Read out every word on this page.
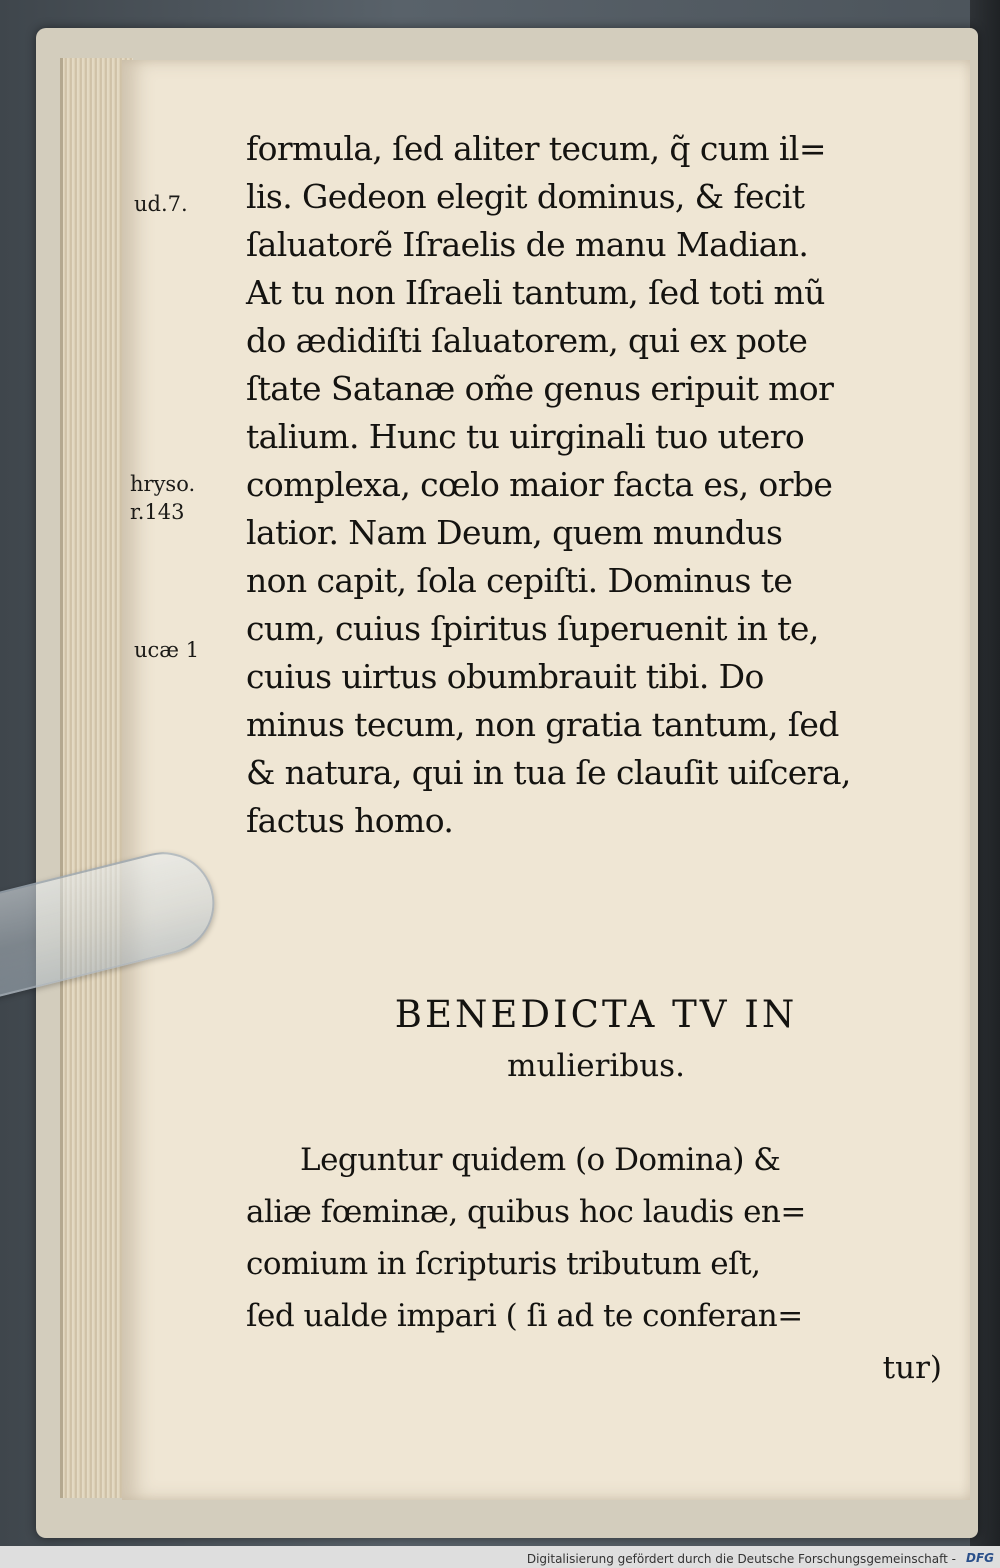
ud.7.
hryso.
r.143
ucæ 1
formula, ſed aliter tecum, q̃ cum il=
lis. Gedeon elegit dominus, & fecit
ſaluatorẽ Iſraelis de manu Madian.
At tu non Iſraeli tantum, ſed toti mũ
do ædidiſti ſaluatorem, qui ex pote
ſtate Satanæ om̃e genus eripuit mor
talium. Hunc tu uirginali tuo utero
complexa, cœlo maior facta es, orbe
latior. Nam Deum, quem mundus
non capit, ſola cepiſti. Dominus te
cum, cuius ſpiritus ſuperuenit in te,
cuius uirtus obumbrauit tibi. Do
minus tecum, non gratia tantum, ſed
& natura, qui in tua ſe clauſit uiſcera,
factus homo.
BENEDICTA TV IN
mulieribus.
Leguntur quidem (o Domina) &
aliæ fœminæ, quibus hoc laudis en=
comium in ſcripturis tributum eſt,
ſed ualde impari ( ſi ad te conferan=
tur)
Digitalisierung gefördert durch die Deutsche Forschungsgemeinschaft - DFG
